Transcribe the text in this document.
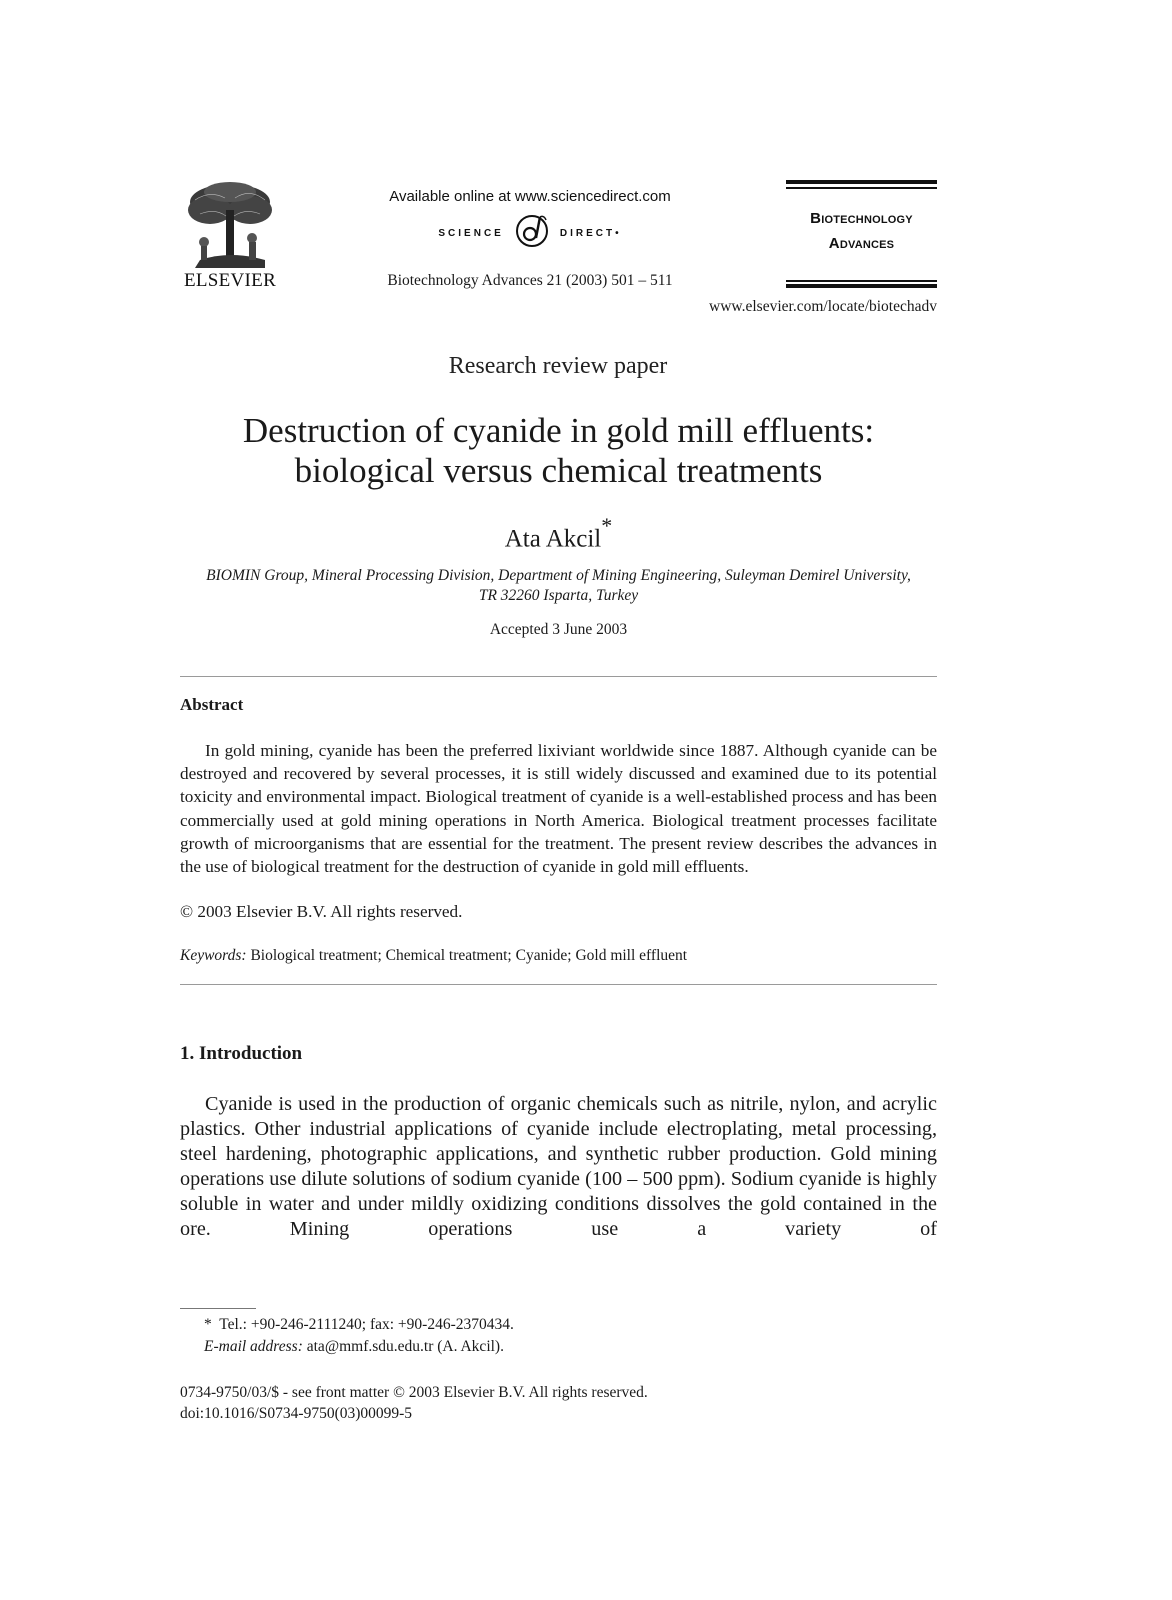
ELSEVIER
Available online at www.sciencedirect.com
SCIENCE	DIRECT•
Biotechnology Advances 21 (2003) 501 – 511
Biotechnology
Advances
www.elsevier.com/locate/biotechadv
Research review paper
Destruction of cyanide in gold mill effluents:
biological versus chemical treatments
Ata Akcil*
BIOMIN Group, Mineral Processing Division, Department of Mining Engineering, Suleyman Demirel University,
TR 32260 Isparta, Turkey
Accepted 3 June 2003
Abstract

In gold mining, cyanide has been the preferred lixiviant worldwide since 1887. Although cyanide can be destroyed and recovered by several processes, it is still widely discussed and examined due to its potential toxicity and environmental impact. Biological treatment of cyanide is a well-established process and has been commercially used at gold mining operations in North America. Biological treatment processes facilitate growth of microorganisms that are essential for the treatment. The present review describes the advances in the use of biological treatment for the destruction of cyanide in gold mill effluents.

© 2003 Elsevier B.V. All rights reserved.
Keywords: Biological treatment; Chemical treatment; Cyanide; Gold mill effluent
1. Introduction

Cyanide is used in the production of organic chemicals such as nitrile, nylon, and acrylic plastics. Other industrial applications of cyanide include electroplating, metal processing, steel hardening, photographic applications, and synthetic rubber production. Gold mining operations use dilute solutions of sodium cyanide (100 – 500 ppm). Sodium cyanide is highly soluble in water and under mildly oxidizing conditions dissolves the gold contained in the ore. Mining operations use a variety of

* Tel.: +90-246-2111240; fax: +90-246-2370434.
E-mail address: ata@mmf.sdu.edu.tr (A. Akcil).
0734-9750/03/$ - see front matter © 2003 Elsevier B.V. All rights reserved.
doi:10.1016/S0734-9750(03)00099-5
